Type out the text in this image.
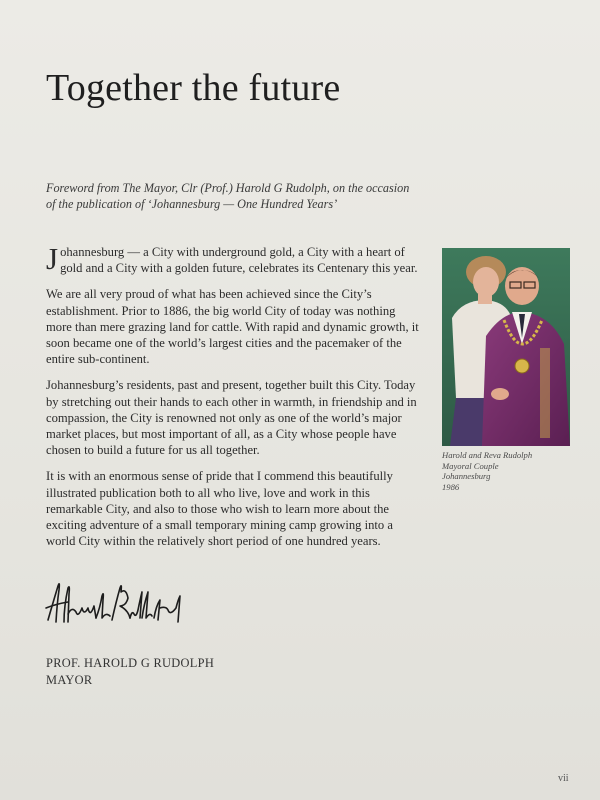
Together the future
Foreword from The Mayor, Clr (Prof.) Harold G Rudolph, on the occasion
of the publication of ‘Johannesburg — One Hundred Years’

Johannesburg — a City with underground gold, a City with a heart of gold and a City with a golden future, celebrates its Centenary this year.

We are all very proud of what has been achieved since the City’s establishment. Prior to 1886, the big world City of today was nothing more than mere grazing land for cattle. With rapid and dynamic growth, it soon became one of the world’s largest cities and the pacemaker of the entire sub-continent.

Johannesburg’s residents, past and present, together built this City. Today by stretching out their hands to each other in warmth, in friendship and in compassion, the City is renowned not only as one of the world’s major market places, but most important of all, as a City whose people have chosen to build a future for us all together.

It is with an enormous sense of pride that I commend this beautifully illustrated publication both to all who live, love and work in this remarkable City, and also to those who wish to learn more about the exciting adventure of a small temporary mining camp growing into a world City within the relatively short period of one hundred years.

Harold and Reva Rudolph
Mayoral Couple
Johannesburg
1986
PROF. HAROLD G RUDOLPH
MAYOR
vii
